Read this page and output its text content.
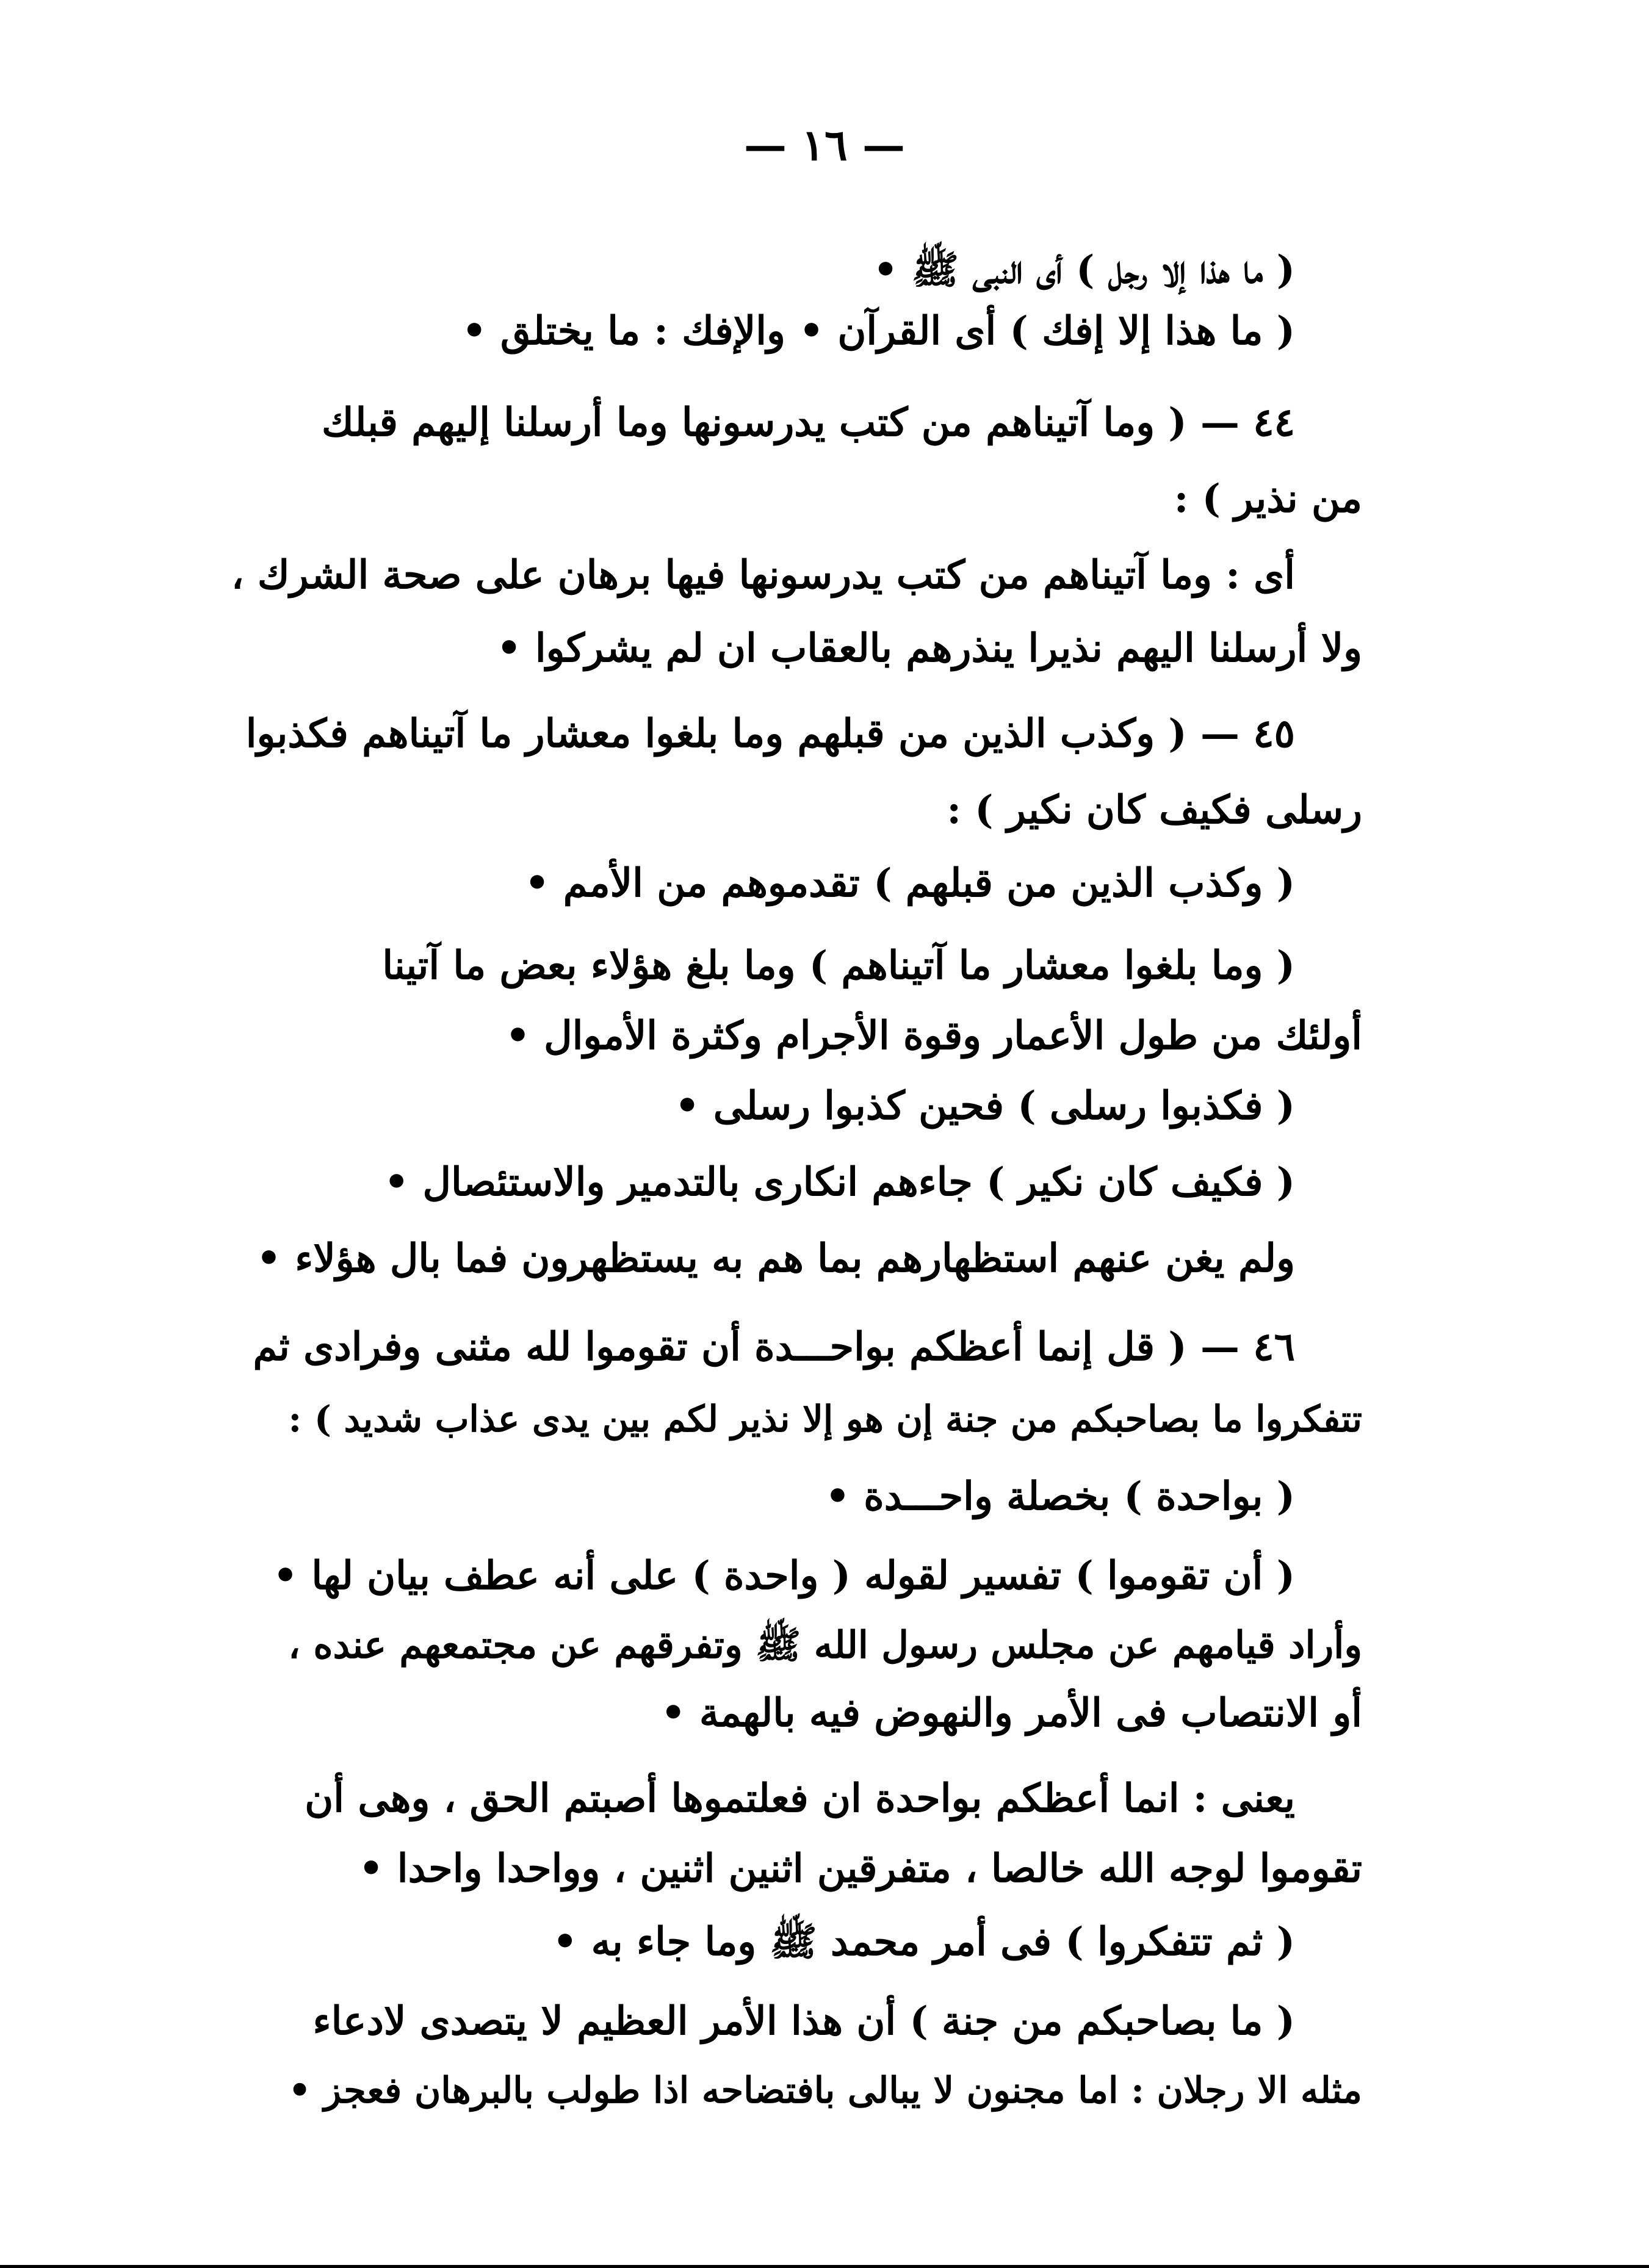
— ١٦ —
( ما هذا إلا رجل ) أى النبى ﷺ •
( ما هذا إلا إفك ) أى القرآن • والإفك : ما يختلق •
٤٤ — ( وما آتيناهم من كتب يدرسونها وما أرسلنا إليهم قبلك
من نذير ) :
أى : وما آتيناهم من كتب يدرسونها فيها برهان على صحة الشرك ،
ولا أرسلنا اليهم نذيرا ينذرهم بالعقاب ان لم يشركوا •
٤٥ — ( وكذب الذين من قبلهم وما بلغوا معشار ما آتيناهم فكذبوا
رسلى فكيف كان نكير ) :
( وكذب الذين من قبلهم ) تقدموهم من الأمم •
( وما بلغوا معشار ما آتيناهم ) وما بلغ هؤلاء بعض ما آتينا
أولئك من طول الأعمار وقوة الأجرام وكثرة الأموال •
( فكذبوا رسلى ) فحين كذبوا رسلى •
( فكيف كان نكير ) جاءهم انكارى بالتدمير والاستئصال •
ولم يغن عنهم استظهارهم بما هم به يستظهرون فما بال هؤلاء •
٤٦ — ( قل إنما أعظكم بواحـــدة أن تقوموا لله مثنى وفرادى ثم
تتفكروا ما بصاحبكم من جنة إن هو إلا نذير لكم بين يدى عذاب شديد ) :
( بواحدة ) بخصلة واحـــدة •
( أن تقوموا ) تفسير لقوله ( واحدة ) على أنه عطف بيان لها •
وأراد قيامهم عن مجلس رسول الله ﷺ وتفرقهم عن مجتمعهم عنده ،
أو الانتصاب فى الأمر والنهوض فيه بالهمة •
يعنى : انما أعظكم بواحدة ان فعلتموها أصبتم الحق ، وهى أن
تقوموا لوجه الله خالصا ، متفرقين اثنين اثنين ، وواحدا واحدا •
( ثم تتفكروا ) فى أمر محمد ﷺ وما جاء به •
( ما بصاحبكم من جنة ) أن هذا الأمر العظيم لا يتصدى لادعاء
مثله الا رجلان : اما مجنون لا يبالى بافتضاحه اذا طولب بالبرهان فعجز •
